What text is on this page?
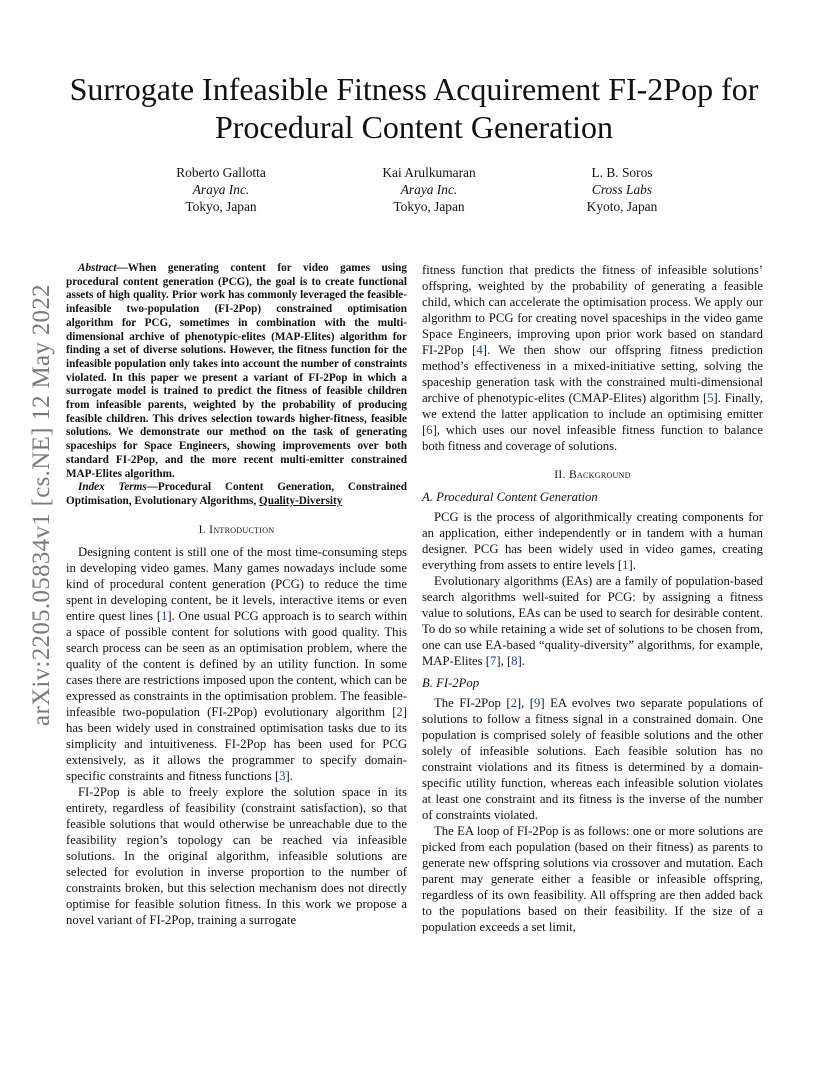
arXiv:2205.05834v1 [cs.NE] 12 May 2022
Surrogate Infeasible Fitness Acquirement FI-2Pop for Procedural Content Generation
Roberto Gallotta
Araya Inc.
Tokyo, Japan
Kai Arulkumaran
Araya Inc.
Tokyo, Japan
L. B. Soros
Cross Labs
Kyoto, Japan

Abstract—When generating content for video games using procedural content generation (PCG), the goal is to create functional assets of high quality. Prior work has commonly leveraged the feasible-infeasible two-population (FI-2Pop) constrained optimisation algorithm for PCG, sometimes in combination with the multi-dimensional archive of phenotypic-elites (MAP-Elites) algorithm for finding a set of diverse solutions. However, the fitness function for the infeasible population only takes into account the number of constraints violated. In this paper we present a variant of FI-2Pop in which a surrogate model is trained to predict the fitness of feasible children from infeasible parents, weighted by the probability of producing feasible children. This drives selection towards higher-fitness, feasible solutions. We demonstrate our method on the task of generating spaceships for Space Engineers, showing improvements over both standard FI-2Pop, and the more recent multi-emitter constrained MAP-Elites algorithm.

Index Terms—Procedural Content Generation, Constrained Optimisation, Evolutionary Algorithms, Quality-Diversity

I. Introduction

Designing content is still one of the most time-consuming steps in developing video games. Many games nowadays include some kind of procedural content generation (PCG) to reduce the time spent in developing content, be it levels, interactive items or even entire quest lines [1]. One usual PCG approach is to search within a space of possible content for solutions with good quality. This search process can be seen as an optimisation problem, where the quality of the content is defined by an utility function. In some cases there are restrictions imposed upon the content, which can be expressed as constraints in the optimisation problem. The feasible-infeasible two-population (FI-2Pop) evolutionary algorithm [2] has been widely used in constrained optimisation tasks due to its simplicity and intuitiveness. FI-2Pop has been used for PCG extensively, as it allows the programmer to specify domain-specific constraints and fitness functions [3].

FI-2Pop is able to freely explore the solution space in its entirety, regardless of feasibility (constraint satisfaction), so that feasible solutions that would otherwise be unreachable due to the feasibility region’s topology can be reached via infeasible solutions. In the original algorithm, infeasible solutions are selected for evolution in inverse proportion to the number of constraints broken, but this selection mechanism does not directly optimise for feasible solution fitness. In this work we propose a novel variant of FI-2Pop, training a surrogate

fitness function that predicts the fitness of infeasible solutions’ offspring, weighted by the probability of generating a feasible child, which can accelerate the optimisation process. We apply our algorithm to PCG for creating novel spaceships in the video game Space Engineers, improving upon prior work based on standard FI-2Pop [4]. We then show our offspring fitness prediction method’s effectiveness in a mixed-initiative setting, solving the spaceship generation task with the constrained multi-dimensional archive of phenotypic-elites (CMAP-Elites) algorithm [5]. Finally, we extend the latter application to include an optimising emitter [6], which uses our novel infeasible fitness function to balance both fitness and coverage of solutions.

II. Background
A. Procedural Content Generation

PCG is the process of algorithmically creating components for an application, either independently or in tandem with a human designer. PCG has been widely used in video games, creating everything from assets to entire levels [1].

Evolutionary algorithms (EAs) are a family of population-based search algorithms well-suited for PCG: by assigning a fitness value to solutions, EAs can be used to search for desirable content. To do so while retaining a wide set of solutions to be chosen from, one can use EA-based “quality-diversity” algorithms, for example, MAP-Elites [7], [8].

B. FI-2Pop

The FI-2Pop [2], [9] EA evolves two separate populations of solutions to follow a fitness signal in a constrained domain. One population is comprised solely of feasible solutions and the other solely of infeasible solutions. Each feasible solution has no constraint violations and its fitness is determined by a domain-specific utility function, whereas each infeasible solution violates at least one constraint and its fitness is the inverse of the number of constraints violated.

The EA loop of FI-2Pop is as follows: one or more solutions are picked from each population (based on their fitness) as parents to generate new offspring solutions via crossover and mutation. Each parent may generate either a feasible or infeasible offspring, regardless of its own feasibility. All offspring are then added back to the populations based on their feasibility. If the size of a population exceeds a set limit,
